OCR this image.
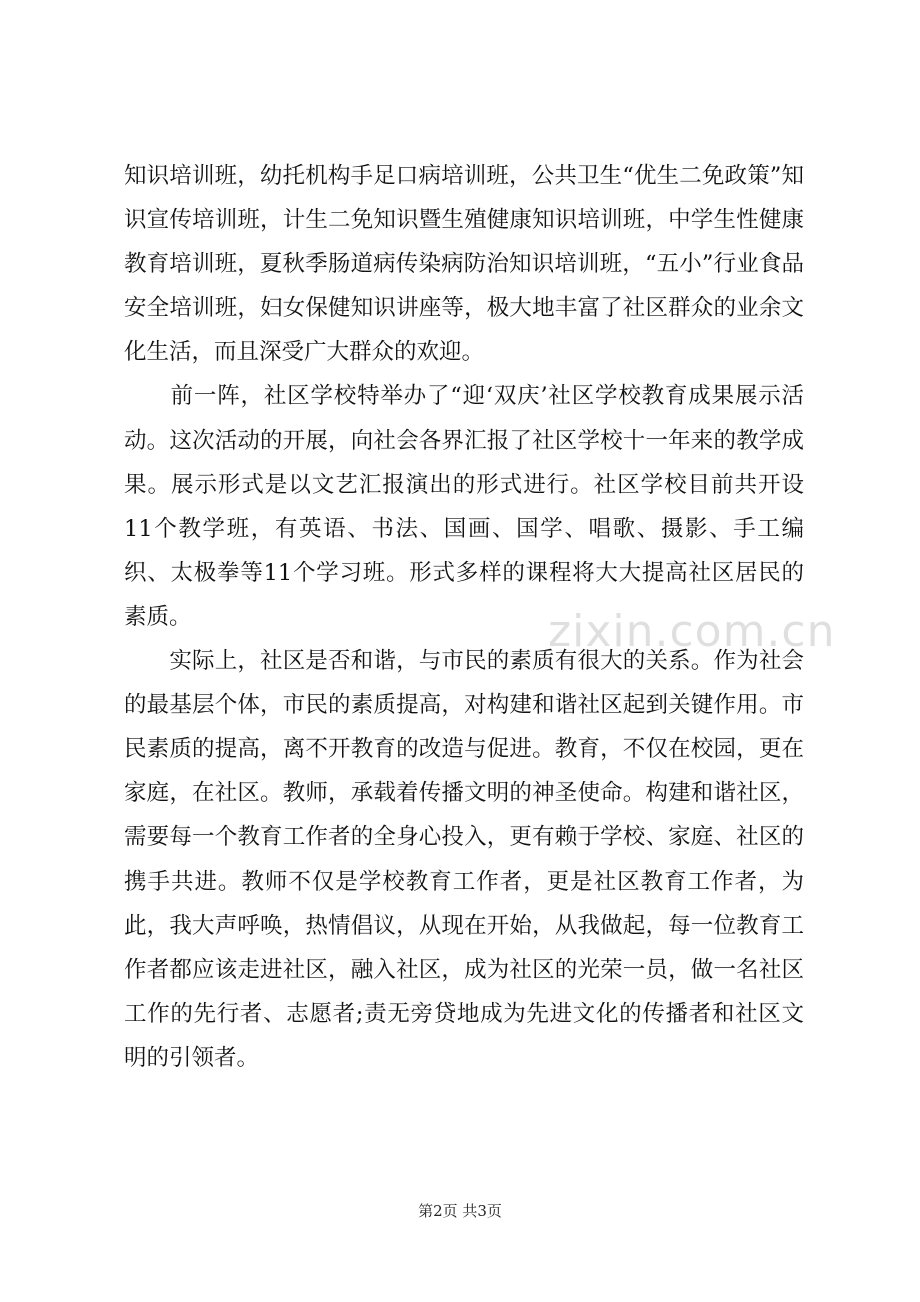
知识培训班，幼托机构手足口病培训班，公共卫生“优生二免政策”知识宣传培训班，计生二免知识暨生殖健康知识培训班，中学生性健康教育培训班，夏秋季肠道病传染病防治知识培训班，“五小”行业食品安全培训班，妇女保健知识讲座等，极大地丰富了社区群众的业余文化生活，而且深受广大群众的欢迎。

　　前一阵，社区学校特举办了“迎‘双庆’社区学校教育成果展示活动。这次活动的开展，向社会各界汇报了社区学校十一年来的教学成果。展示形式是以文艺汇报演出的形式进行。社区学校目前共开设11个教学班，有英语、书法、国画、国学、唱歌、摄影、手工编织、太极拳等11个学习班。形式多样的课程将大大提高社区居民的素质。

　　实际上，社区是否和谐，与市民的素质有很大的关系。作为社会的最基层个体，市民的素质提高，对构建和谐社区起到关键作用。市民素质的提高，离不开教育的改造与促进。教育，不仅在校园，更在家庭，在社区。教师，承载着传播文明的神圣使命。构建和谐社区，需要每一个教育工作者的全身心投入，更有赖于学校、家庭、社区的携手共进。教师不仅是学校教育工作者，更是社区教育工作者，为此，我大声呼唤，热情倡议，从现在开始，从我做起，每一位教育工作者都应该走进社区，融入社区，成为社区的光荣一员，做一名社区工作的先行者、志愿者;责无旁贷地成为先进文化的传播者和社区文明的引领者。

zixin.com.cn
第2页 共3页
